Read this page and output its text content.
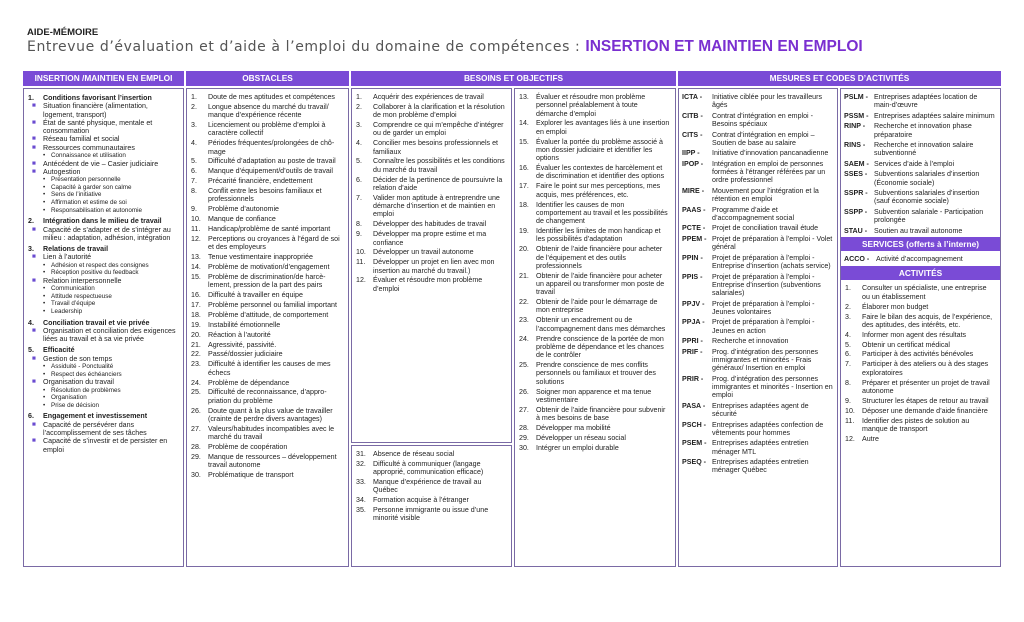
AIDE-MÉMOIRE
Entrevue d’évaluation et d’aide à l’emploi du domaine de compétences : INSERTION ET MAINTIEN EN EMPLOI
INSERTION /MAINTIEN EN EMPLOI	OBSTACLES	BESOINS ET OBJECTIFS	MESURES ET CODES D’ACTIVITÉS
1.	Conditions favorisant l’insertion
■ Situation financière (alimentation, logement, transport)
■ État de santé physique, mentale et consommation
■ Réseau familial et social
■ Ressources communautaires
• Connaissance et utilisation
■ Antécédent de vie – Casier judiciaire
■ Autogestion
• Présentation personnelle
• Capacité à garder son calme
• Sens de l’initiative
• Affirmation et estime de soi
• Responsabilisation et autonomie
2.	Intégration dans le milieu de travail
■ Capacité de s’adapter et de s’intégrer au milieu : adaptation, adhésion, intégration
3.	Relations de travail
■ Lien à l’autorité
• Adhésion et respect des consignes
• Réception positive du feedback
■ Relation interpersonnelle
• Communication
• Attitude respectueuse
• Travail d’équipe
• Leadership
4.	Conciliation travail et vie privée
■ Organisation et conciliation des exigences liées au travail et à sa vie privée
5.	Efficacité
■ Gestion de son temps
• Assiduité - Ponctualité
• Respect des échéanciers
■ Organisation du travail
• Résolution de problèmes
• Organisation
• Prise de décision
6.	Engagement et investissement
■ Capacité de persévérer dans l’accomplissement de ses tâches
■ Capacité de s’investir et de persister en emploi
1.	Doute de mes aptitudes et compétences
2.	Longue absence du marché du travail/ manque d’expérience récente
3.	Licenciement ou problème d’emploi à caractère collectif
4.	Périodes fréquentes/prolongées de chô- mage
5.	Difficulté d’adaptation au poste de travail
6.	Manque d’équipement/d’outils de travail
7.	Précarité financière, endettement
8.	Conflit entre les besoins familiaux et professionnels
9.	Problème d’autonomie
10.	Manque de confiance
11.	Handicap/problème de santé important
12.	Perceptions ou croyances à l’égard de soi et des employeurs
13.	Tenue vestimentaire inappropriée
14.	Problème de motivation/d’engagement
15.	Problème de discrimination/de harcè- lement, pression de la part des pairs
16.	Difficulté à travailler en équipe
17.	Problème personnel ou familial important
18.	Problème d’attitude, de comportement
19.	Instabilité émotionnelle
20.	Réaction à l’autorité
21.	Agressivité, passivité.
22.	Passé/dossier judiciaire
23.	Difficulté à identifier les causes de mes échecs
24.	Problème de dépendance
25.	Difficulté de reconnaissance, d’appro- priation du problème
26.	Doute quant à la plus value de travailler (crainte de perdre divers avantages)
27.	Valeurs/habitudes incompatibles avec le marché du travail
28.	Problème de coopération
29.	Manque de ressources – développement travail autonome
30.	Problématique de transport
1.	Acquérir des expériences de travail
2.	Collaborer à la clarification et la résolution de mon problème d’emploi
3.	Comprendre ce qui m’empêche d’intégrer ou de garder un emploi
4.	Concilier mes besoins professionnels et familiaux
5.	Connaître les possibilités et les conditions du marché du travail
6.	Décider de la pertinence de poursuivre la relation d’aide
7.	Valider mon aptitude à entreprendre une démarche d’insertion et de maintien en emploi
8.	Développer des habitudes de travail
9.	Développer ma propre estime et ma confiance
10.	Développer un travail autonome
11.	Développer un projet en lien avec mon insertion au marché du travail.)
12.	Évaluer et résoudre mon problème d’emploi
31.	Absence de réseau social
32.	Difficulté à communiquer (langage approprié, communication efficace)
33.	Manque d’expérience de travail au Québec
34.	Formation acquise à l’étranger
35.	Personne immigrante ou issue d’une minorité visible
13.	Évaluer et résoudre mon problème personnel préalablement à toute démarche d’emploi
14.	Explorer les avantages liés à une insertion en emploi
15.	Évaluer la portée du problème associé à mon dossier judiciaire et identifier les options
16.	Évaluer les contextes de harcèlement et de discrimination et identifier des options
17.	Faire le point sur mes perceptions, mes acquis, mes préférences, etc.
18.	Identifier les causes de mon comportement au travail et les possibilités de changement
19.	Identifier les limites de mon handicap et les possibilités d’adaptation
20.	Obtenir de l’aide financière pour acheter de l’équipement et des outils professionnels
21.	Obtenir de l’aide financière pour acheter un appareil ou transformer mon poste de travail
22.	Obtenir de l’aide pour le démarrage de mon entreprise
23.	Obtenir un encadrement ou de l’accompagnement dans mes démarches
24.	Prendre conscience de la portée de mon problème de dépendance et les chances de le contrôler
25.	Prendre conscience de mes conflits personnels ou familiaux et trouver des solutions
26.	Soigner mon apparence et ma tenue vestimentaire
27.	Obtenir de l’aide financière pour subvenir à mes besoins de base
28.	Développer ma mobilité
29.	Développer un réseau social
30.	Intégrer un emploi durable
ICTA -	Initiative ciblée pour les travailleurs âgés
CITB -	Contrat d’intégration en emploi - Besoins spéciaux
CITS -	Contrat d’intégration en emploi – Soutien de base au salaire
IIPP -	Initiative d’innovation pancanadienne
IPOP -	Intégration en emploi de personnes formées à l’étranger référées par un ordre professionnel
MIRE -	Mouvement pour l’intégration et la rétention en emploi
PAAS - Programme d’aide et d’accompagnement social
PCTE - Projet de conciliation travail étude
PPEM - Projet de préparation à l’emploi - Volet général
PPIN -	Projet de préparation à l’emploi - Entreprise d’insertion (achats service)
PPIS -	Projet de préparation à l’emploi - Entreprise d’insertion (subventions salariales)
PPJV -	Projet de préparation à l’emploi - Jeunes volontaires
PPJA -	Projet de préparation à l’emploi - Jeunes en action
PPRI -	Recherche et innovation
PRIF -	Prog. d’intégration des personnes immigrantes et minorités - Frais généraux/ Insertion en emploi
PRIR -	Prog. d’intégration des personnes immigrantes et minorités - Insertion en emploi
PASA - Entreprises adaptées agent de sécurité
PSCH - Entreprises adaptées confection de vêtements pour hommes
PSEM - Entreprises adaptées entretien ménager MTL
PSEQ - Entreprises adaptées entretien ménager Québec
PSLM - Entreprises adaptées location de main-d’œuvre
PSSM - Entreprises adaptées salaire minimum
RINP -	Recherche et innovation phase préparatoire
RINS -	Recherche et innovation salaire subventionné
SAEM - Services d’aide à l’emploi
SSES - Subventions salariales d’insertion (Économie sociale)
SSPR - Subventions salariales d’insertion (sauf économie sociale)
SSPP - Subvention salariale - Participation prolongée
STAU - Soutien au travail autonome
SERVICES (offerts à l’interne)
ACCO - Activité d’accompagnement
ACTIVITÉS
1.	Consulter un spécialiste, une entreprise ou un établissement
2.	Élaborer mon budget
3.	Faire le bilan des acquis, de l’expérience, des aptitudes, des intérêts, etc.
4.	Informer mon agent des résultats
5.	Obtenir un certificat médical
6.	Participer à des activités bénévoles
7.	Participer à des ateliers ou à des stages exploratoires
8.	Préparer et présenter un projet de travail autonome
9.	Structurer les étapes de retour au travail
10.	Déposer une demande d’aide financière
11.	Identifier des pistes de solution au manque de transport
12.	Autre
